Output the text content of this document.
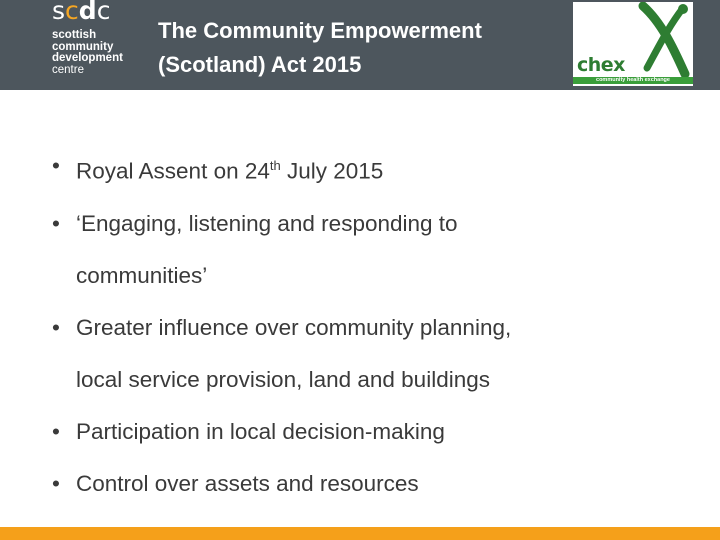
scdc
scottish
community
development
centre
The Community Empowerment
(Scotland) Act 2015	chex
community health exchange
• Royal Assent on 24th July 2015
• ‘Engaging, listening and responding to
communities’
• Greater influence over community planning,
local service provision, land and buildings
• Participation in local decision-making
• Control over assets and resources
